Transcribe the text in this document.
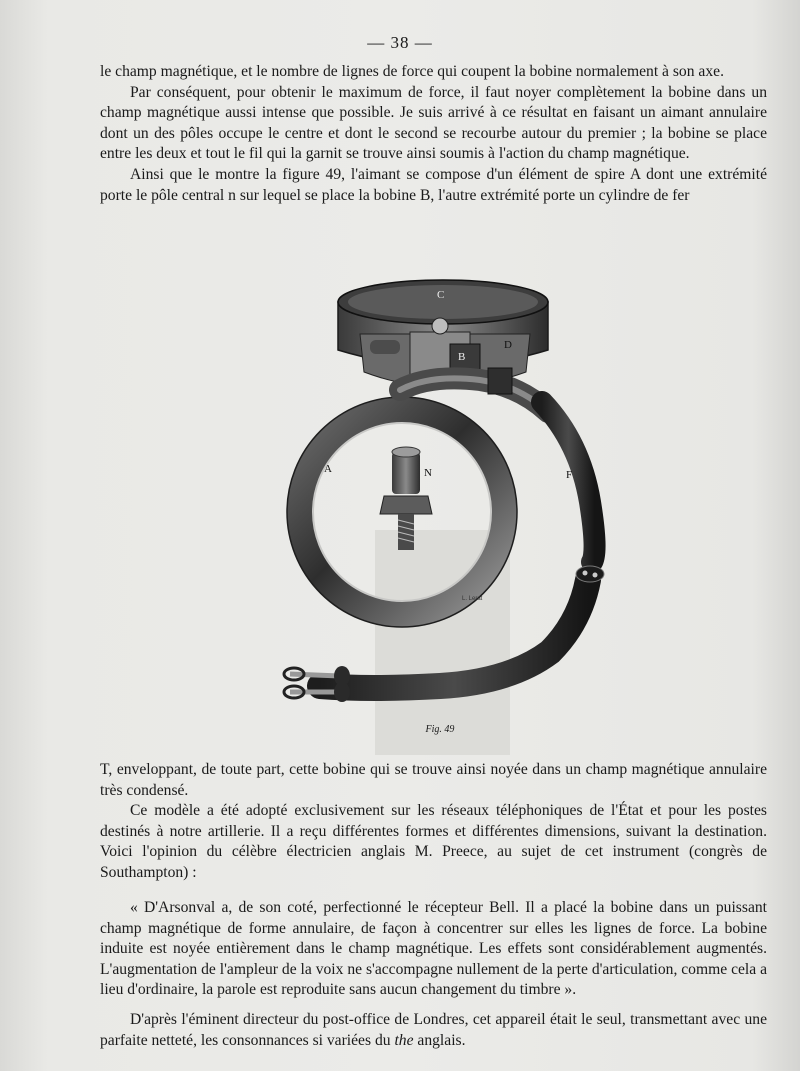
— 38 —

le champ magnétique, et le nombre de lignes de force qui coupent la bobine normalement à son axe.

Par conséquent, pour obtenir le maximum de force, il faut noyer complètement la bobine dans un champ magnétique aussi intense que possible. Je suis arrivé à ce résultat en faisant un aimant annulaire dont un des pôles occupe le centre et dont le second se recourbe autour du premier ; la bobine se place entre les deux et tout le fil qui la garnit se trouve ainsi soumis à l'action du champ magnétique.

Ainsi que le montre la figure 49, l'aimant se compose d'un élément de spire A dont une extrémité porte le pôle central n sur lequel se place la bobine B, l'autre extrémité porte un cylindre de fer

C
B
D
A	N	F
L. Lerat
Fig. 49

T, enveloppant, de toute part, cette bobine qui se trouve ainsi noyée dans un champ magnétique annulaire très condensé.

Ce modèle a été adopté exclusivement sur les réseaux téléphoniques de l'État et pour les postes destinés à notre artillerie. Il a reçu différentes formes et différentes dimensions, suivant la destination. Voici l'opinion du célèbre électricien anglais M. Preece, au sujet de cet instrument (congrès de Southampton) :

« D'Arsonval a, de son coté, perfectionné le récepteur Bell. Il a placé la bobine dans un puissant champ magnétique de forme annulaire, de façon à concentrer sur elles les lignes de force. La bobine induite est noyée entièrement dans le champ magnétique. Les effets sont considérablement augmentés. L'augmentation de l'ampleur de la voix ne s'accompagne nullement de la perte d'articulation, comme cela a lieu d'ordinaire, la parole est reproduite sans aucun changement du timbre ».

D'après l'éminent directeur du post-office de Londres, cet appareil était le seul, transmettant avec une parfaite netteté, les consonnances si variées du the anglais.
